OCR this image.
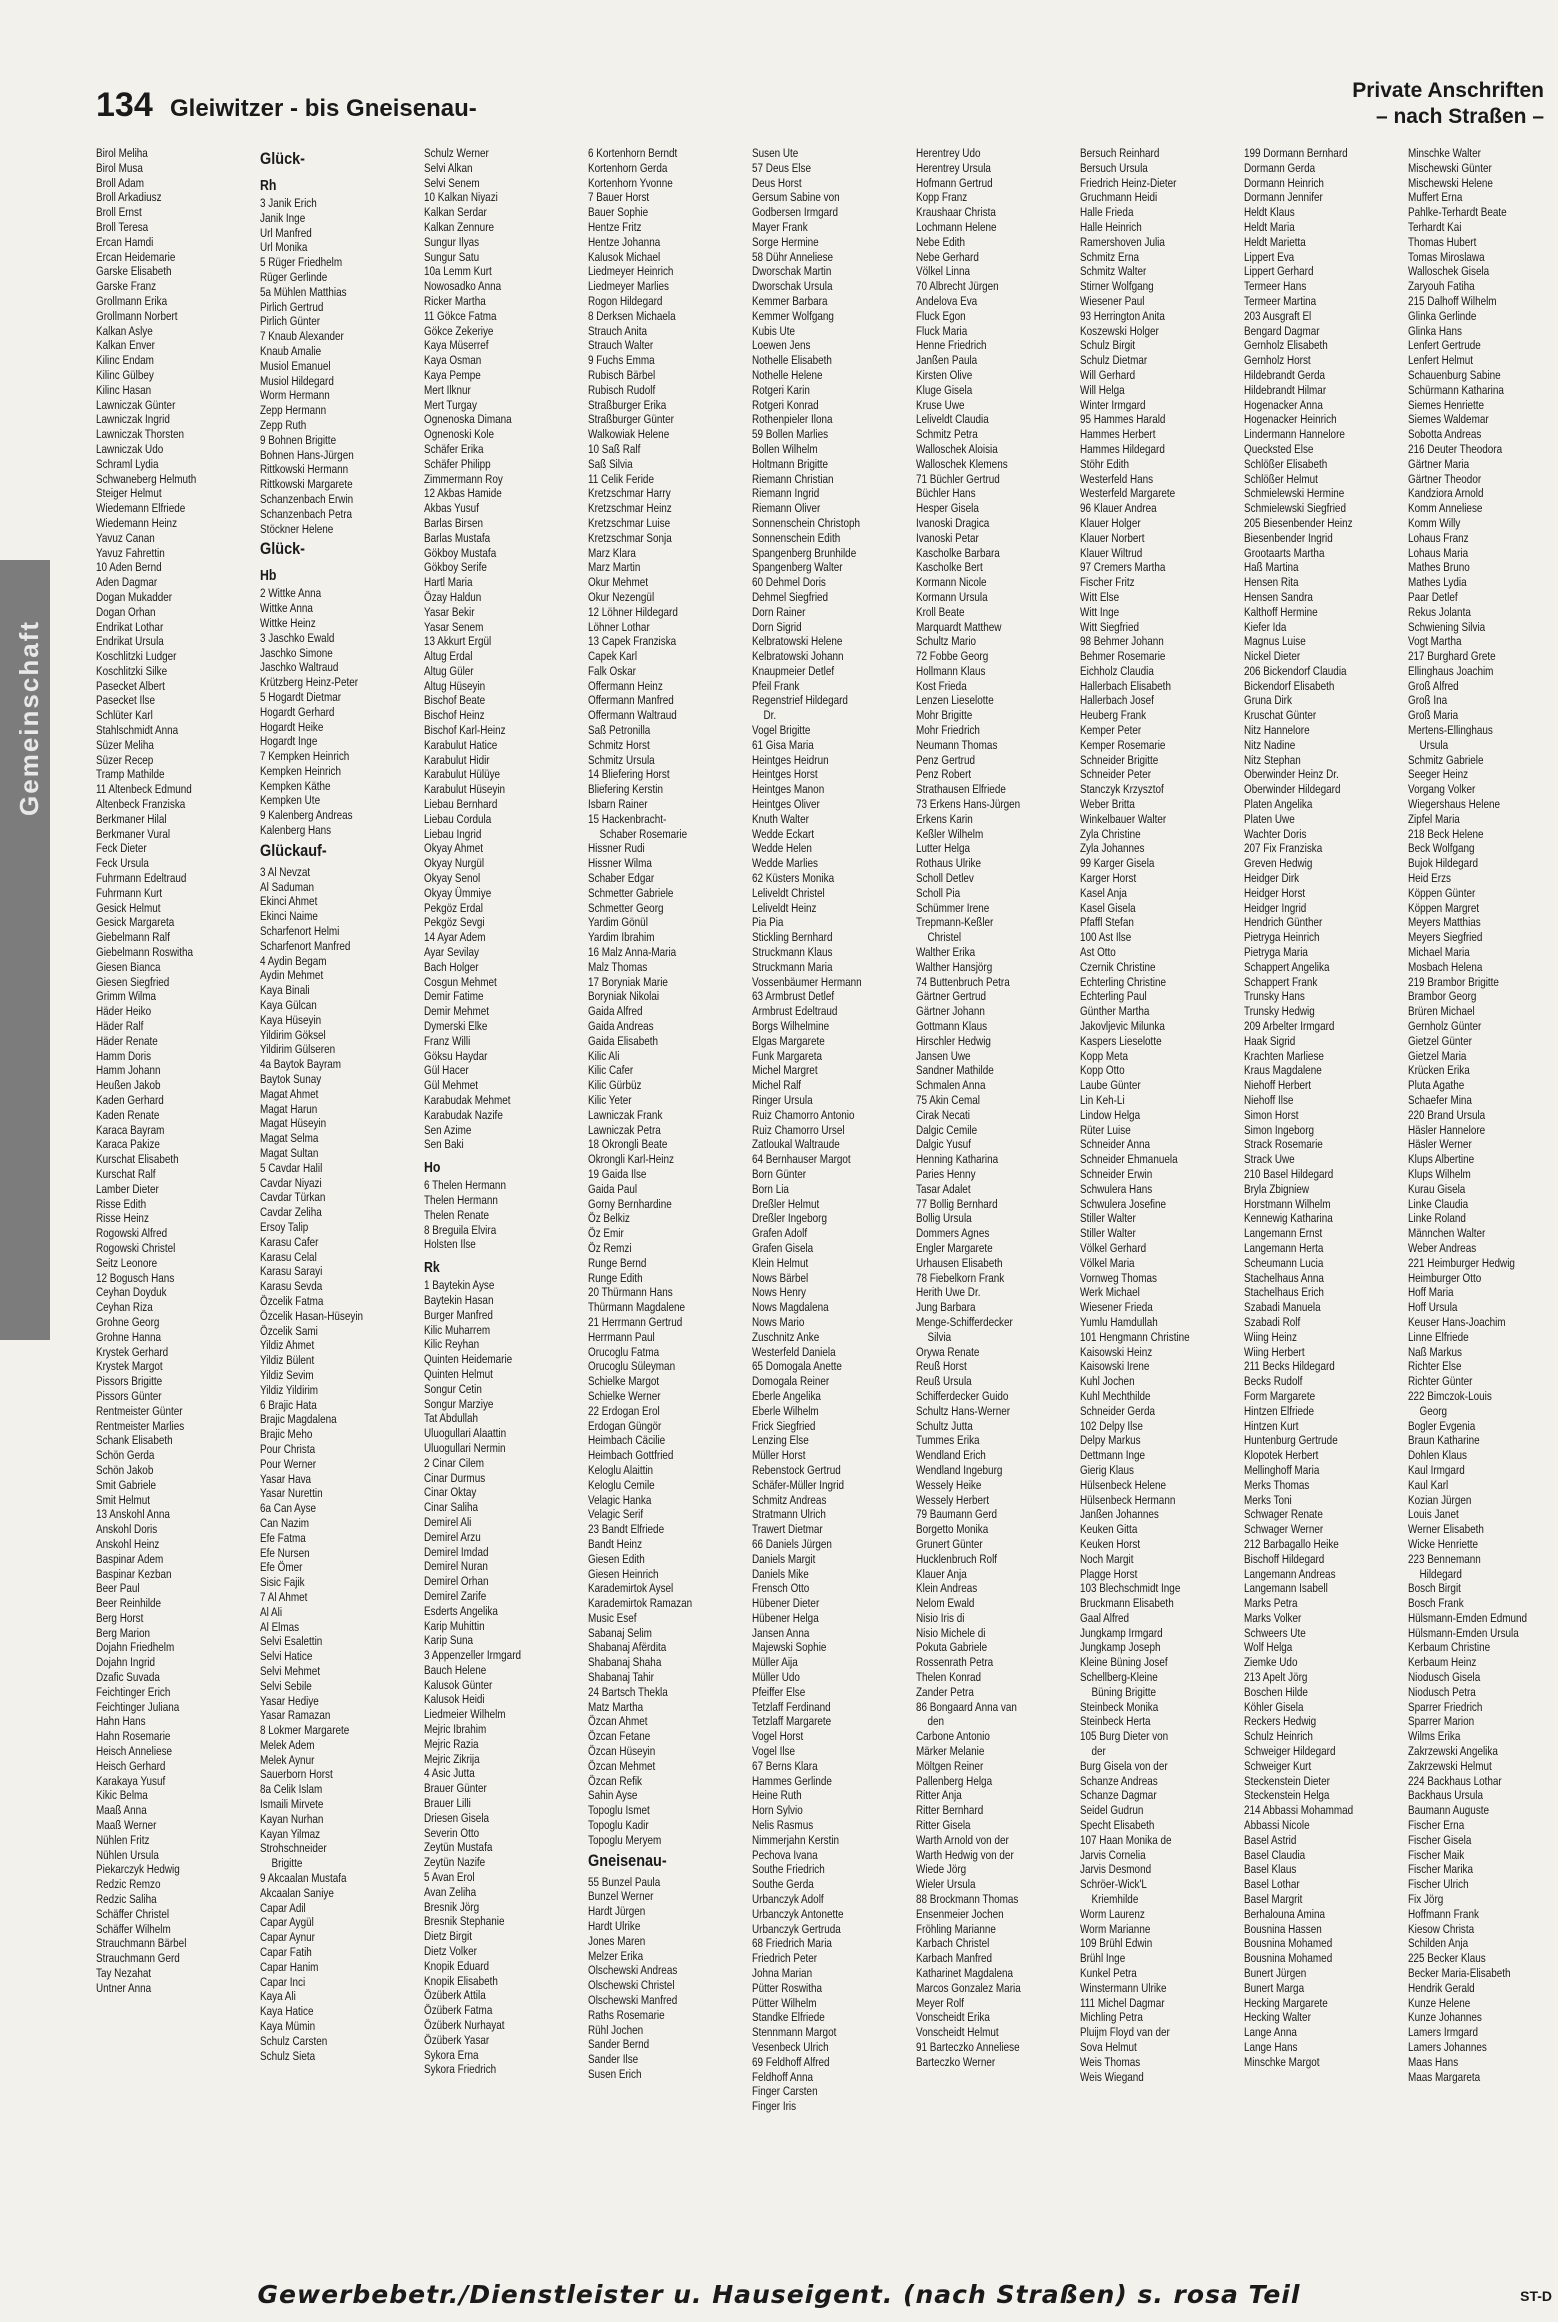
134 Gleiwitzer - bis Gneisenau-
Private Anschriften
– nach Straßen –
Gemeinschaft
Birol Meliha
Birol Musa
Broll Adam
Broll Arkadiusz
Broll Ernst
Broll Teresa
Ercan Hamdi
Ercan Heidemarie
Garske Elisabeth
Garske Franz
Grollmann Erika
Grollmann Norbert
Kalkan Aslye
Kalkan Enver
Kilinc Endam
Kilinc Gülbey
Kilinc Hasan
Lawniczak Günter
Lawniczak Ingrid
Lawniczak Thorsten
Lawniczak Udo
Schraml Lydia
Schwaneberg Helmuth
Steiger Helmut
Wiedemann Elfriede
Wiedemann Heinz
Yavuz Canan
Yavuz Fahrettin
10 Aden Bernd
Aden Dagmar
Dogan Mukadder
Dogan Orhan
Endrikat Lothar
Endrikat Ursula
Koschlitzki Ludger
Koschlitzki Silke
Pasecket Albert
Pasecket Ilse
Schlüter Karl
Stahlschmidt Anna
Süzer Meliha
Süzer Recep
Tramp Mathilde
11 Altenbeck Edmund
Altenbeck Franziska
Berkmaner Hilal
Berkmaner Vural
Feck Dieter
Feck Ursula
Fuhrmann Edeltraud
Fuhrmann Kurt
Gesick Helmut
Gesick Margareta
Giebelmann Ralf
Giebelmann Roswitha
Giesen Bianca
Giesen Siegfried
Grimm Wilma
Häder Heiko
Häder Ralf
Häder Renate
Hamm Doris
Hamm Johann
Heußen Jakob
Kaden Gerhard
Kaden Renate
Karaca Bayram
Karaca Pakize
Kurschat Elisabeth
Kurschat Ralf
Lamber Dieter
Risse Edith
Risse Heinz
Rogowski Alfred
Rogowski Christel
Seitz Leonore
12 Bogusch Hans
Ceyhan Doyduk
Ceyhan Riza
Grohne Georg
Grohne Hanna
Krystek Gerhard
Krystek Margot
Pissors Brigitte
Pissors Günter
Rentmeister Günter
Rentmeister Marlies
Schank Elisabeth
Schön Gerda
Schön Jakob
Smit Gabriele
Smit Helmut
13 Anskohl Anna
Anskohl Doris
Anskohl Heinz
Baspinar Adem
Baspinar Kezban
Beer Paul
Beer Reinhilde
Berg Horst
Berg Marion
Dojahn Friedhelm
Dojahn Ingrid
Dzafic Suvada
Feichtinger Erich
Feichtinger Juliana
Hahn Hans
Hahn Rosemarie
Heisch Anneliese
Heisch Gerhard
Karakaya Yusuf
Kikic Belma
Maaß Anna
Maaß Werner
Nühlen Fritz
Nühlen Ursula
Piekarczyk Hedwig
Redzic Remzo
Redzic Saliha
Schäffer Christel
Schäffer Wilhelm
Strauchmann Bärbel
Strauchmann Gerd
Tay Nezahat
Untner Anna
Glück-
Rh
3 Janik Erich
Janik Inge
Url Manfred
Url Monika
5 Rüger Friedhelm
Rüger Gerlinde
5a Mühlen Matthias
Pirlich Gertrud
Pirlich Günter
7 Knaub Alexander
Knaub Amalie
Musiol Emanuel
Musiol Hildegard
Worm Hermann
Zepp Hermann
Zepp Ruth
9 Bohnen Brigitte
Bohnen Hans-Jürgen
Rittkowski Hermann
Rittkowski Margarete
Schanzenbach Erwin
Schanzenbach Petra
Stöckner Helene
Glück-
Hb
2 Wittke Anna
Wittke Anna
Wittke Heinz
3 Jaschko Ewald
Jaschko Simone
Jaschko Waltraud
Krützberg Heinz-Peter
5 Hogardt Dietmar
Hogardt Gerhard
Hogardt Heike
Hogardt Inge
7 Kempken Heinrich
Kempken Heinrich
Kempken Käthe
Kempken Ute
9 Kalenberg Andreas
Kalenberg Hans
Glückauf-
3 Al Nevzat
Al Saduman
Ekinci Ahmet
Ekinci Naime
Scharfenort Helmi
Scharfenort Manfred
4 Aydin Begam
Aydin Mehmet
Kaya Binali
Kaya Gülcan
Kaya Hüseyin
Yildirim Göksel
Yildirim Gülseren
4a Baytok Bayram
Baytok Sunay
Magat Ahmet
Magat Harun
Magat Hüseyin
Magat Selma
Magat Sultan
5 Cavdar Halil
Cavdar Niyazi
Cavdar Türkan
Cavdar Zeliha
Ersoy Talip
Karasu Cafer
Karasu Celal
Karasu Sarayi
Karasu Sevda
Özcelik Fatma
Özcelik Hasan-Hüseyin
Özcelik Sami
Yildiz Ahmet
Yildiz Bülent
Yildiz Sevim
Yildiz Yildirim
6 Brajic Hata
Brajic Magdalena
Brajic Meho
Pour Christa
Pour Werner
Yasar Hava
Yasar Nurettin
6a Can Ayse
Can Nazim
Efe Fatma
Efe Nursen
Efe Ömer
Sisic Fajik
7 Al Ahmet
Al Ali
Al Elmas
Selvi Esalettin
Selvi Hatice
Selvi Mehmet
Selvi Sebile
Yasar Hediye
Yasar Ramazan
8 Lokmer Margarete
Melek Adem
Melek Aynur
Sauerborn Horst
8a Celik Islam
Ismaili Mirvete
Kayan Nurhan
Kayan Yilmaz
Strohschneider
Brigitte
9 Akcaalan Mustafa
Akcaalan Saniye
Capar Adil
Capar Aygül
Capar Aynur
Capar Fatih
Capar Hanim
Capar Inci
Kaya Ali
Kaya Hatice
Kaya Mümin
Schulz Carsten
Schulz Sieta
Schulz Werner
Selvi Alkan
Selvi Senem
10 Kalkan Niyazi
Kalkan Serdar
Kalkan Zennure
Sungur Ilyas
Sungur Satu
10a Lemm Kurt
Nowosadko Anna
Ricker Martha
11 Gökce Fatma
Gökce Zekeriye
Kaya Müserref
Kaya Osman
Kaya Pempe
Mert Ilknur
Mert Turgay
Ognenoska Dimana
Ognenoski Kole
Schäfer Erika
Schäfer Philipp
Zimmermann Roy
12 Akbas Hamide
Akbas Yusuf
Barlas Birsen
Barlas Mustafa
Gökboy Mustafa
Gökboy Serife
Hartl Maria
Özay Haldun
Yasar Bekir
Yasar Senem
13 Akkurt Ergül
Altug Erdal
Altug Güler
Altug Hüseyin
Bischof Beate
Bischof Heinz
Bischof Karl-Heinz
Karabulut Hatice
Karabulut Hidir
Karabulut Hülüye
Karabulut Hüseyin
Liebau Bernhard
Liebau Cordula
Liebau Ingrid
Okyay Ahmet
Okyay Nurgül
Okyay Senol
Okyay Ümmiye
Pekgöz Erdal
Pekgöz Sevgi
14 Ayar Adem
Ayar Sevilay
Bach Holger
Cosgun Mehmet
Demir Fatime
Demir Mehmet
Dymerski Elke
Franz Willi
Göksu Haydar
Gül Hacer
Gül Mehmet
Karabudak Mehmet
Karabudak Nazife
Sen Azime
Sen Baki
Ho
6 Thelen Hermann
Thelen Hermann
Thelen Renate
8 Breguila Elvira
Holsten Ilse
Rk
1 Baytekin Ayse
Baytekin Hasan
Burger Manfred
Kilic Muharrem
Kilic Reyhan
Quinten Heidemarie
Quinten Helmut
Songur Cetin
Songur Marziye
Tat Abdullah
Uluogullari Alaattin
Uluogullari Nermin
2 Cinar Cilem
Cinar Durmus
Cinar Oktay
Cinar Saliha
Demirel Ali
Demirel Arzu
Demirel Imdad
Demirel Nuran
Demirel Orhan
Demirel Zarife
Esderts Angelika
Karip Muhittin
Karip Suna
3 Appenzeller Irmgard
Bauch Helene
Kalusok Günter
Kalusok Heidi
Liedmeier Wilhelm
Mejric Ibrahim
Mejric Razia
Mejric Zikrija
4 Asic Jutta
Brauer Günter
Brauer Lilli
Driesen Gisela
Severin Otto
Zeytün Mustafa
Zeytün Nazife
5 Avan Erol
Avan Zeliha
Bresnik Jörg
Bresnik Stephanie
Dietz Birgit
Dietz Volker
Knopik Eduard
Knopik Elisabeth
Özüberk Attila
Özüberk Fatma
Özüberk Nurhayat
Özüberk Yasar
Sykora Erna
Sykora Friedrich
6 Kortenhorn Berndt
Kortenhorn Gerda
Kortenhorn Yvonne
7 Bauer Horst
Bauer Sophie
Hentze Fritz
Hentze Johanna
Kalusok Michael
Liedmeyer Heinrich
Liedmeyer Marlies
Rogon Hildegard
8 Derksen Michaela
Strauch Anita
Strauch Walter
9 Fuchs Emma
Rubisch Bärbel
Rubisch Rudolf
Straßburger Erika
Straßburger Günter
Walkowiak Helene
10 Saß Ralf
Saß Silvia
11 Celik Feride
Kretzschmar Harry
Kretzschmar Heinz
Kretzschmar Luise
Kretzschmar Sonja
Marz Klara
Marz Martin
Okur Mehmet
Okur Nezengül
12 Löhner Hildegard
Löhner Lothar
13 Capek Franziska
Capek Karl
Falk Oskar
Offermann Heinz
Offermann Manfred
Offermann Waltraud
Saß Petronilla
Schmitz Horst
Schmitz Ursula
14 Bliefering Horst
Bliefering Kerstin
Isbarn Rainer
15 Hackenbracht-
Schaber Rosemarie
Hissner Rudi
Hissner Wilma
Schaber Edgar
Schmetter Gabriele
Schmetter Georg
Yardim Gönül
Yardim Ibrahim
16 Malz Anna-Maria
Malz Thomas
17 Boryniak Marie
Boryniak Nikolai
Gaida Alfred
Gaida Andreas
Gaida Elisabeth
Kilic Ali
Kilic Cafer
Kilic Gürbüz
Kilic Yeter
Lawniczak Frank
Lawniczak Petra
18 Okrongli Beate
Okrongli Karl-Heinz
19 Gaida Ilse
Gaida Paul
Gorny Bernhardine
Öz Belkiz
Öz Emir
Öz Remzi
Runge Bernd
Runge Edith
20 Thürmann Hans
Thürmann Magdalene
21 Herrmann Gertrud
Herrmann Paul
Orucoglu Fatma
Orucoglu Süleyman
Schielke Margot
Schielke Werner
22 Erdogan Erol
Erdogan Güngör
Heimbach Cäcilie
Heimbach Gottfried
Keloglu Alaittin
Keloglu Cemile
Velagic Hanka
Velagic Serif
23 Bandt Elfriede
Bandt Heinz
Giesen Edith
Giesen Heinrich
Karademirtok Aysel
Karademirtok Ramazan
Music Esef
Sabanaj Selim
Shabanaj Afërdita
Shabanaj Shaha
Shabanaj Tahir
24 Bartsch Thekla
Matz Martha
Özcan Ahmet
Özcan Fetane
Özcan Hüseyin
Özcan Mehmet
Özcan Refik
Sahin Ayse
Topoglu Ismet
Topoglu Kadir
Topoglu Meryem
Gneisenau-
55 Bunzel Paula
Bunzel Werner
Hardt Jürgen
Hardt Ulrike
Jones Maren
Melzer Erika
Olschewski Andreas
Olschewski Christel
Olschewski Manfred
Raths Rosemarie
Rühl Jochen
Sander Bernd
Sander Ilse
Susen Erich
Susen Ute
57 Deus Else
Deus Horst
Gersum Sabine von
Godbersen Irmgard
Mayer Frank
Sorge Hermine
58 Dühr Anneliese
Dworschak Martin
Dworschak Ursula
Kemmer Barbara
Kemmer Wolfgang
Kubis Ute
Loewen Jens
Nothelle Elisabeth
Nothelle Helene
Rotgeri Karin
Rotgeri Konrad
Rothenpieler Ilona
59 Bollen Marlies
Bollen Wilhelm
Holtmann Brigitte
Riemann Christian
Riemann Ingrid
Riemann Oliver
Sonnenschein Christoph
Sonnenschein Edith
Spangenberg Brunhilde
Spangenberg Walter
60 Dehmel Doris
Dehmel Siegfried
Dorn Rainer
Dorn Sigrid
Kelbratowski Helene
Kelbratowski Johann
Knaupmeier Detlef
Pfeil Frank
Regenstrief Hildegard
Dr.
Vogel Brigitte
61 Gisa Maria
Heintges Heidrun
Heintges Horst
Heintges Manon
Heintges Oliver
Knuth Walter
Wedde Eckart
Wedde Helen
Wedde Marlies
62 Küsters Monika
Leliveldt Christel
Leliveldt Heinz
Pia Pia
Stickling Bernhard
Struckmann Klaus
Struckmann Maria
Vossenbäumer Hermann
63 Armbrust Detlef
Armbrust Edeltraud
Borgs Wilhelmine
Elgas Margarete
Funk Margareta
Michel Margret
Michel Ralf
Ringer Ursula
Ruiz Chamorro Antonio
Ruiz Chamorro Ursel
Zatloukal Waltraude
64 Bernhauser Margot
Born Günter
Born Lia
Dreßler Helmut
Dreßler Ingeborg
Grafen Adolf
Grafen Gisela
Klein Helmut
Nows Bärbel
Nows Henry
Nows Magdalena
Nows Mario
Zuschnitz Anke
Westerfeld Daniela
65 Domogala Anette
Domogala Reiner
Eberle Angelika
Eberle Wilhelm
Frick Siegfried
Lenzing Else
Müller Horst
Rebenstock Gertrud
Schäfer-Müller Ingrid
Schmitz Andreas
Stratmann Ulrich
Trawert Dietmar
66 Daniels Jürgen
Daniels Margit
Daniels Mike
Frensch Otto
Hübener Dieter
Hübener Helga
Jansen Anna
Majewski Sophie
Müller Aija
Müller Udo
Pfeiffer Else
Tetzlaff Ferdinand
Tetzlaff Margarete
Vogel Horst
Vogel Ilse
67 Berns Klara
Hammes Gerlinde
Heine Ruth
Horn Sylvio
Nelis Rasmus
Nimmerjahn Kerstin
Pechova Ivana
Southe Friedrich
Southe Gerda
Urbanczyk Adolf
Urbanczyk Antonette
Urbanczyk Gertruda
68 Friedrich Maria
Friedrich Peter
Johna Marian
Pütter Roswitha
Pütter Wilhelm
Standke Elfriede
Stennmann Margot
Vesenbeck Ulrich
69 Feldhoff Alfred
Feldhoff Anna
Finger Carsten
Finger Iris
Herentrey Udo
Herentrey Ursula
Hofmann Gertrud
Kopp Franz
Kraushaar Christa
Lochmann Helene
Nebe Edith
Nebe Gerhard
Völkel Linna
70 Albrecht Jürgen
Andelova Eva
Fluck Egon
Fluck Maria
Henne Friedrich
Janßen Paula
Kirsten Olive
Kluge Gisela
Kruse Uwe
Leliveldt Claudia
Schmitz Petra
Walloschek Aloisia
Walloschek Klemens
71 Büchler Gertrud
Büchler Hans
Hesper Gisela
Ivanoski Dragica
Ivanoski Petar
Kascholke Barbara
Kascholke Bert
Kormann Nicole
Kormann Ursula
Kroll Beate
Marquardt Matthew
Schultz Mario
72 Fobbe Georg
Hollmann Klaus
Kost Frieda
Lenzen Lieselotte
Mohr Brigitte
Mohr Friedrich
Neumann Thomas
Penz Gertrud
Penz Robert
Strathausen Elfriede
73 Erkens Hans-Jürgen
Erkens Karin
Keßler Wilhelm
Lutter Helga
Rothaus Ulrike
Scholl Detlev
Scholl Pia
Schümmer Irene
Trepmann-Keßler
Christel
Walther Erika
Walther Hansjörg
74 Buttenbruch Petra
Gärtner Gertrud
Gärtner Johann
Gottmann Klaus
Hirschler Hedwig
Jansen Uwe
Sandner Mathilde
Schmalen Anna
75 Akin Cemal
Cirak Necati
Dalgic Cemile
Dalgic Yusuf
Henning Katharina
Paries Henny
Tasar Adalet
77 Bollig Bernhard
Bollig Ursula
Dommers Agnes
Engler Margarete
Urhausen Elisabeth
78 Fiebelkorn Frank
Herith Uwe Dr.
Jung Barbara
Menge-Schifferdecker
Silvia
Orywa Renate
Reuß Horst
Reuß Ursula
Schifferdecker Guido
Schultz Hans-Werner
Schultz Jutta
Tummes Erika
Wendland Erich
Wendland Ingeburg
Wessely Heike
Wessely Herbert
79 Baumann Gerd
Borgetto Monika
Grunert Günter
Hucklenbruch Rolf
Klauer Anja
Klein Andreas
Nelom Ewald
Nisio Iris di
Nisio Michele di
Pokuta Gabriele
Rossenrath Petra
Thelen Konrad
Zander Petra
86 Bongaard Anna van
den
Carbone Antonio
Märker Melanie
Möltgen Reiner
Pallenberg Helga
Ritter Anja
Ritter Bernhard
Ritter Gisela
Warth Arnold von der
Warth Hedwig von der
Wiede Jörg
Wieler Ursula
88 Brockmann Thomas
Ensenmeier Jochen
Fröhling Marianne
Karbach Christel
Karbach Manfred
Katharinet Magdalena
Marcos Gonzalez Maria
Meyer Rolf
Vonscheidt Erika
Vonscheidt Helmut
91 Barteczko Anneliese
Barteczko Werner
Bersuch Reinhard
Bersuch Ursula
Friedrich Heinz-Dieter
Gruchmann Heidi
Halle Frieda
Halle Heinrich
Ramershoven Julia
Schmitz Erna
Schmitz Walter
Stirner Wolfgang
Wiesener Paul
93 Herrington Anita
Koszewski Holger
Schulz Birgit
Schulz Dietmar
Will Gerhard
Will Helga
Winter Irmgard
95 Hammes Harald
Hammes Herbert
Hammes Hildegard
Stöhr Edith
Westerfeld Hans
Westerfeld Margarete
96 Klauer Andrea
Klauer Holger
Klauer Norbert
Klauer Wiltrud
97 Cremers Martha
Fischer Fritz
Witt Else
Witt Inge
Witt Siegfried
98 Behmer Johann
Behmer Rosemarie
Eichholz Claudia
Hallerbach Elisabeth
Hallerbach Josef
Heuberg Frank
Kemper Peter
Kemper Rosemarie
Schneider Brigitte
Schneider Peter
Stanczyk Krzysztof
Weber Britta
Winkelbauer Walter
Zyla Christine
Zyla Johannes
99 Karger Gisela
Karger Horst
Kasel Anja
Kasel Gisela
Pfaffl Stefan
100 Ast Ilse
Ast Otto
Czernik Christine
Echterling Christine
Echterling Paul
Günther Martha
Jakovljevic Milunka
Kaspers Lieselotte
Kopp Meta
Kopp Otto
Laube Günter
Lin Keh-Li
Lindow Helga
Rüter Luise
Schneider Anna
Schneider Ehmanuela
Schneider Erwin
Schwulera Hans
Schwulera Josefine
Stiller Walter
Stiller Walter
Völkel Gerhard
Völkel Maria
Vornweg Thomas
Werk Michael
Wiesener Frieda
Yumlu Hamdullah
101 Hengmann Christine
Kaisowski Heinz
Kaisowski Irene
Kuhl Jochen
Kuhl Mechthilde
Schneider Gerda
102 Delpy Ilse
Delpy Markus
Dettmann Inge
Gierig Klaus
Hülsenbeck Helene
Hülsenbeck Hermann
Janßen Johannes
Keuken Gitta
Keuken Horst
Noch Margit
Plagge Horst
103 Blechschmidt Inge
Bruckmann Elisabeth
Gaal Alfred
Jungkamp Irmgard
Jungkamp Joseph
Kleine Büning Josef
Schellberg-Kleine
Büning Brigitte
Steinbeck Monika
Steinbeck Herta
105 Burg Dieter von
der
Burg Gisela von der
Schanze Andreas
Schanze Dagmar
Seidel Gudrun
Specht Elisabeth
107 Haan Monika de
Jarvis Cornelia
Jarvis Desmond
Schröer-Wick'L
Kriemhilde
Worm Laurenz
Worm Marianne
109 Brühl Edwin
Brühl Inge
Kunkel Petra
Winstermann Ulrike
111 Michel Dagmar
Michling Petra
Pluijm Floyd van der
Sova Helmut
Weis Thomas
Weis Wiegand
199 Dormann Bernhard
Dormann Gerda
Dormann Heinrich
Dormann Jennifer
Heldt Klaus
Heldt Maria
Heldt Marietta
Lippert Eva
Lippert Gerhard
Termeer Hans
Termeer Martina
203 Ausgraft El
Bengard Dagmar
Gernholz Elisabeth
Gernholz Horst
Hildebrandt Gerda
Hildebrandt Hilmar
Hogenacker Anna
Hogenacker Heinrich
Lindermann Hannelore
Quecksted Else
Schlößer Elisabeth
Schlößer Helmut
Schmielewski Hermine
Schmielewski Siegfried
205 Biesenbender Heinz
Biesenbender Ingrid
Grootaarts Martha
Haß Martina
Hensen Rita
Hensen Sandra
Kalthoff Hermine
Kiefer Ida
Magnus Luise
Nickel Dieter
206 Bickendorf Claudia
Bickendorf Elisabeth
Gruna Dirk
Kruschat Günter
Nitz Hannelore
Nitz Nadine
Nitz Stephan
Oberwinder Heinz Dr.
Oberwinder Hildegard
Platen Angelika
Platen Uwe
Wachter Doris
207 Fix Franziska
Greven Hedwig
Heidger Dirk
Heidger Horst
Heidger Ingrid
Hendrich Günther
Pietryga Heinrich
Pietryga Maria
Schappert Angelika
Schappert Frank
Trunsky Hans
Trunsky Hedwig
209 Arbelter Irmgard
Haak Sigrid
Krachten Marliese
Kraus Magdalene
Niehoff Herbert
Niehoff Ilse
Simon Horst
Simon Ingeborg
Strack Rosemarie
Strack Uwe
210 Basel Hildegard
Bryla Zbigniew
Horstmann Wilhelm
Kennewig Katharina
Langemann Ernst
Langemann Herta
Scheumann Lucia
Stachelhaus Anna
Stachelhaus Erich
Szabadi Manuela
Szabadi Rolf
Wiing Heinz
Wiing Herbert
211 Becks Hildegard
Becks Rudolf
Form Margarete
Hintzen Elfriede
Hintzen Kurt
Huntenburg Gertrude
Klopotek Herbert
Mellinghoff Maria
Merks Thomas
Merks Toni
Schwager Renate
Schwager Werner
212 Barbagallo Heike
Bischoff Hildegard
Langemann Andreas
Langemann Isabell
Marks Petra
Marks Volker
Schweers Ute
Wolf Helga
Ziemke Udo
213 Apelt Jörg
Boschen Hilde
Köhler Gisela
Reckers Hedwig
Schulz Heinrich
Schweiger Hildegard
Schweiger Kurt
Steckenstein Dieter
Steckenstein Helga
214 Abbassi Mohammad
Abbassi Nicole
Basel Astrid
Basel Claudia
Basel Klaus
Basel Lothar
Basel Margrit
Berhalouna Amina
Bousnina Hassen
Bousnina Mohamed
Bousnina Mohamed
Bunert Jürgen
Bunert Marga
Hecking Margarete
Hecking Walter
Lange Anna
Lange Hans
Minschke Margot
Minschke Walter
Mischewski Günter
Mischewski Helene
Muffert Erna
Pahlke-Terhardt Beate
Terhardt Kai
Thomas Hubert
Tomas Miroslawa
Walloschek Gisela
Zaryouh Fatiha
215 Dalhoff Wilhelm
Glinka Gerlinde
Glinka Hans
Lenfert Gertrude
Lenfert Helmut
Schauenburg Sabine
Schürmann Katharina
Siemes Henriette
Siemes Waldemar
Sobotta Andreas
216 Deuter Theodora
Gärtner Maria
Gärtner Theodor
Kandziora Arnold
Komm Anneliese
Komm Willy
Lohaus Franz
Lohaus Maria
Mathes Bruno
Mathes Lydia
Paar Detlef
Rekus Jolanta
Schwiening Silvia
Vogt Martha
217 Burghard Grete
Ellinghaus Joachim
Groß Alfred
Groß Ina
Groß Maria
Mertens-Ellinghaus
Ursula
Schmitz Gabriele
Seeger Heinz
Vorgang Volker
Wiegershaus Helene
Zipfel Maria
218 Beck Helene
Beck Wolfgang
Bujok Hildegard
Heid Erzs
Köppen Günter
Köppen Margret
Meyers Matthias
Meyers Siegfried
Michael Maria
Mosbach Helena
219 Brambor Brigitte
Brambor Georg
Brüren Michael
Gernholz Günter
Gietzel Günter
Gietzel Maria
Krücken Erika
Pluta Agathe
Schaefer Mina
220 Brand Ursula
Häsler Hannelore
Häsler Werner
Klups Albertine
Klups Wilhelm
Kurau Gisela
Linke Claudia
Linke Roland
Männchen Walter
Weber Andreas
221 Heimburger Hedwig
Heimburger Otto
Hoff Maria
Hoff Ursula
Keuser Hans-Joachim
Linne Elfriede
Naß Markus
Richter Else
Richter Günter
222 Bimczok-Louis
Georg
Bogler Evgenia
Braun Katharine
Dohlen Klaus
Kaul Irmgard
Kaul Karl
Kozian Jürgen
Louis Janet
Werner Elisabeth
Wicke Henriette
223 Bennemann
Hildegard
Bosch Birgit
Bosch Frank
Hülsmann-Emden Edmund
Hülsmann-Emden Ursula
Kerbaum Christine
Kerbaum Heinz
Niodusch Gisela
Niodusch Petra
Sparrer Friedrich
Sparrer Marion
Wilms Erika
Zakrzewski Angelika
Zakrzewski Helmut
224 Backhaus Lothar
Backhaus Ursula
Baumann Auguste
Fischer Erna
Fischer Gisela
Fischer Maik
Fischer Marika
Fischer Ulrich
Fix Jörg
Hoffmann Frank
Kiesow Christa
Schilden Anja
225 Becker Klaus
Becker Maria-Elisabeth
Hendrik Gerald
Kunze Helene
Kunze Johannes
Lamers Irmgard
Lamers Johannes
Maas Hans
Maas Margareta
Gewerbebetr./Dienstleister u. Hauseigent. (nach Straßen) s. rosa Teil	ST-D
